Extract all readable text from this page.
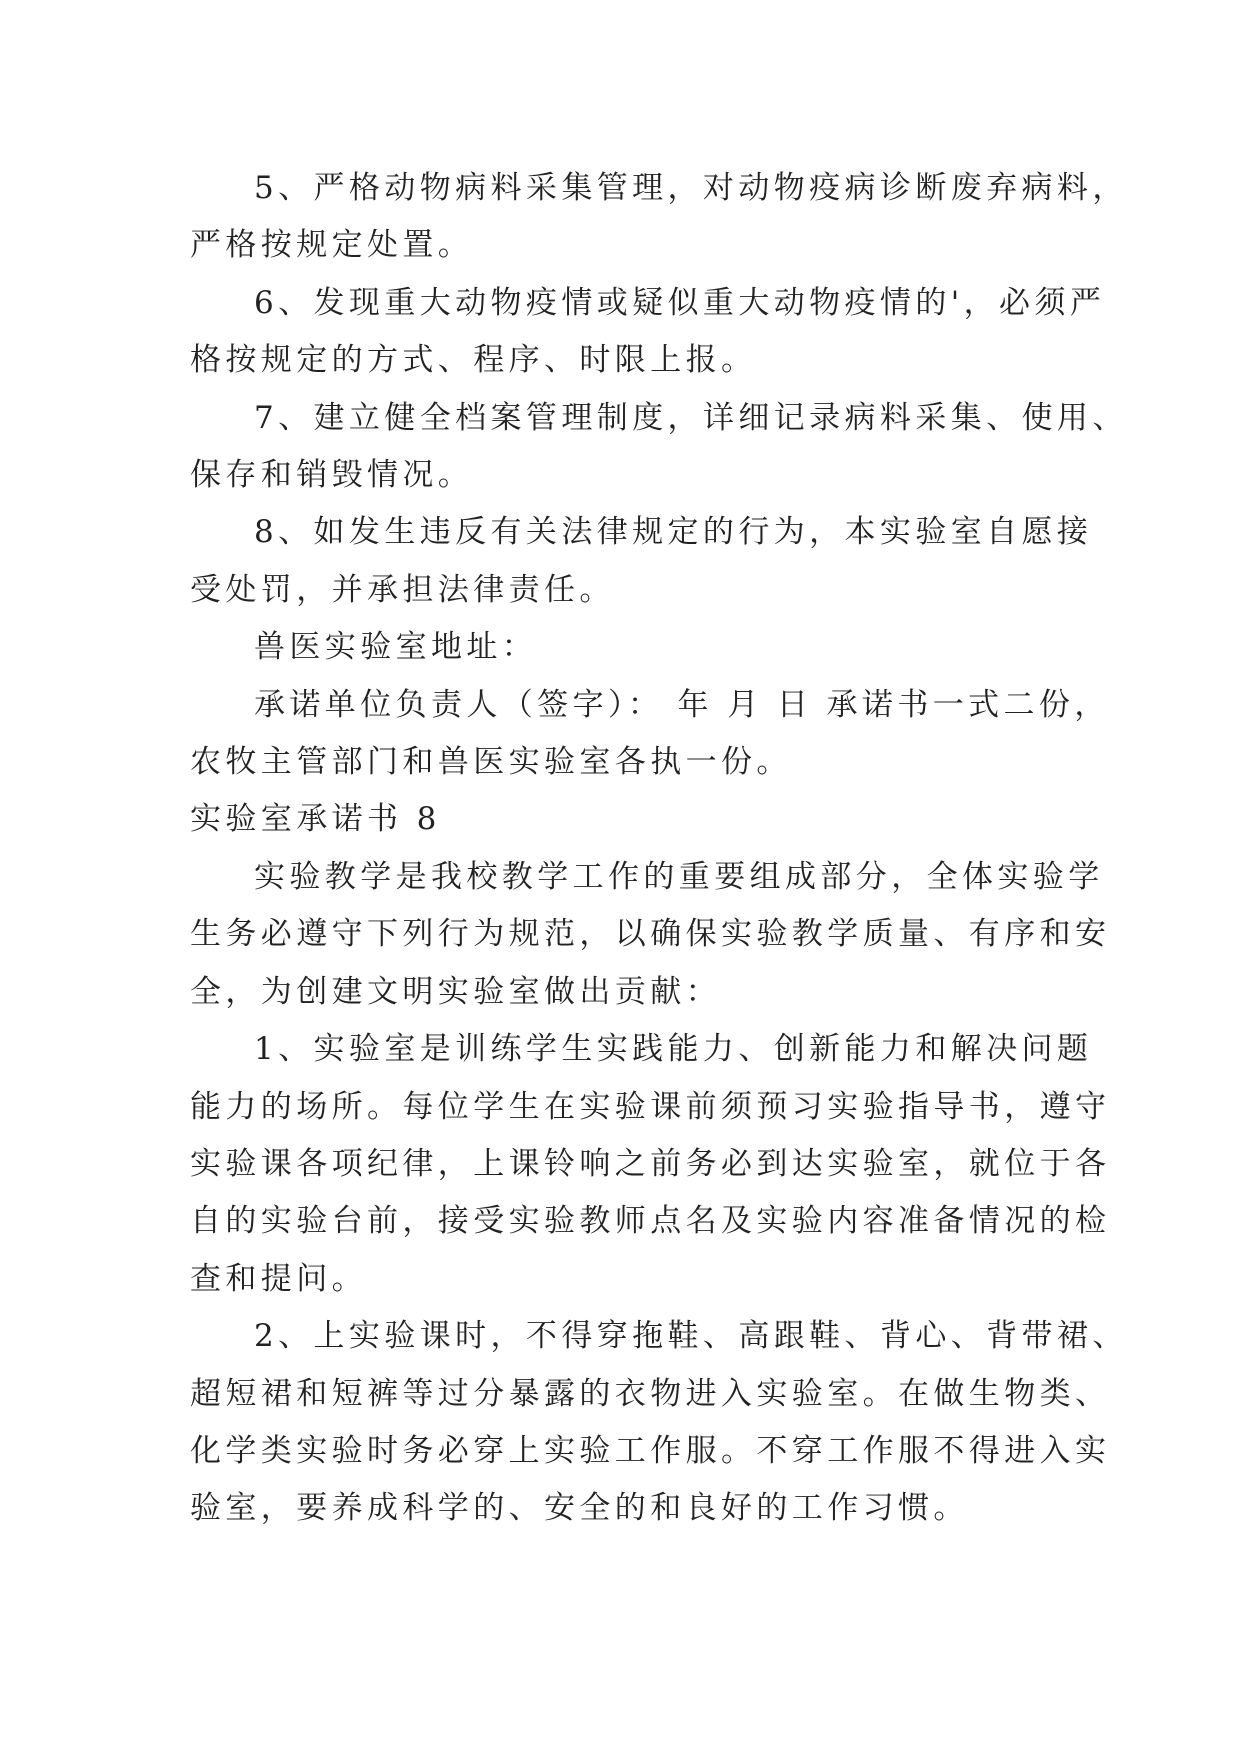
5、严格动物病料采集管理，对动物疫病诊断废弃病料，
严格按规定处置。

6、发现重大动物疫情或疑似重大动物疫情的'，必须严
格按规定的方式、程序、时限上报。

7、建立健全档案管理制度，详细记录病料采集、使用、
保存和销毁情况。

8、如发生违反有关法律规定的行为，本实验室自愿接
受处罚，并承担法律责任。

兽医实验室地址：

承诺单位负责人（签字）： 年 月 日 承诺书一式二份，
农牧主管部门和兽医实验室各执一份。

实验室承诺书 8

实验教学是我校教学工作的重要组成部分，全体实验学
生务必遵守下列行为规范，以确保实验教学质量、有序和安
全，为创建文明实验室做出贡献：

1、实验室是训练学生实践能力、创新能力和解决问题
能力的场所。每位学生在实验课前须预习实验指导书，遵守
实验课各项纪律，上课铃响之前务必到达实验室，就位于各
自的实验台前，接受实验教师点名及实验内容准备情况的检
查和提问。

2、上实验课时，不得穿拖鞋、高跟鞋、背心、背带裙、
超短裙和短裤等过分暴露的衣物进入实验室。在做生物类、
化学类实验时务必穿上实验工作服。不穿工作服不得进入实
验室，要养成科学的、安全的和良好的工作习惯。
